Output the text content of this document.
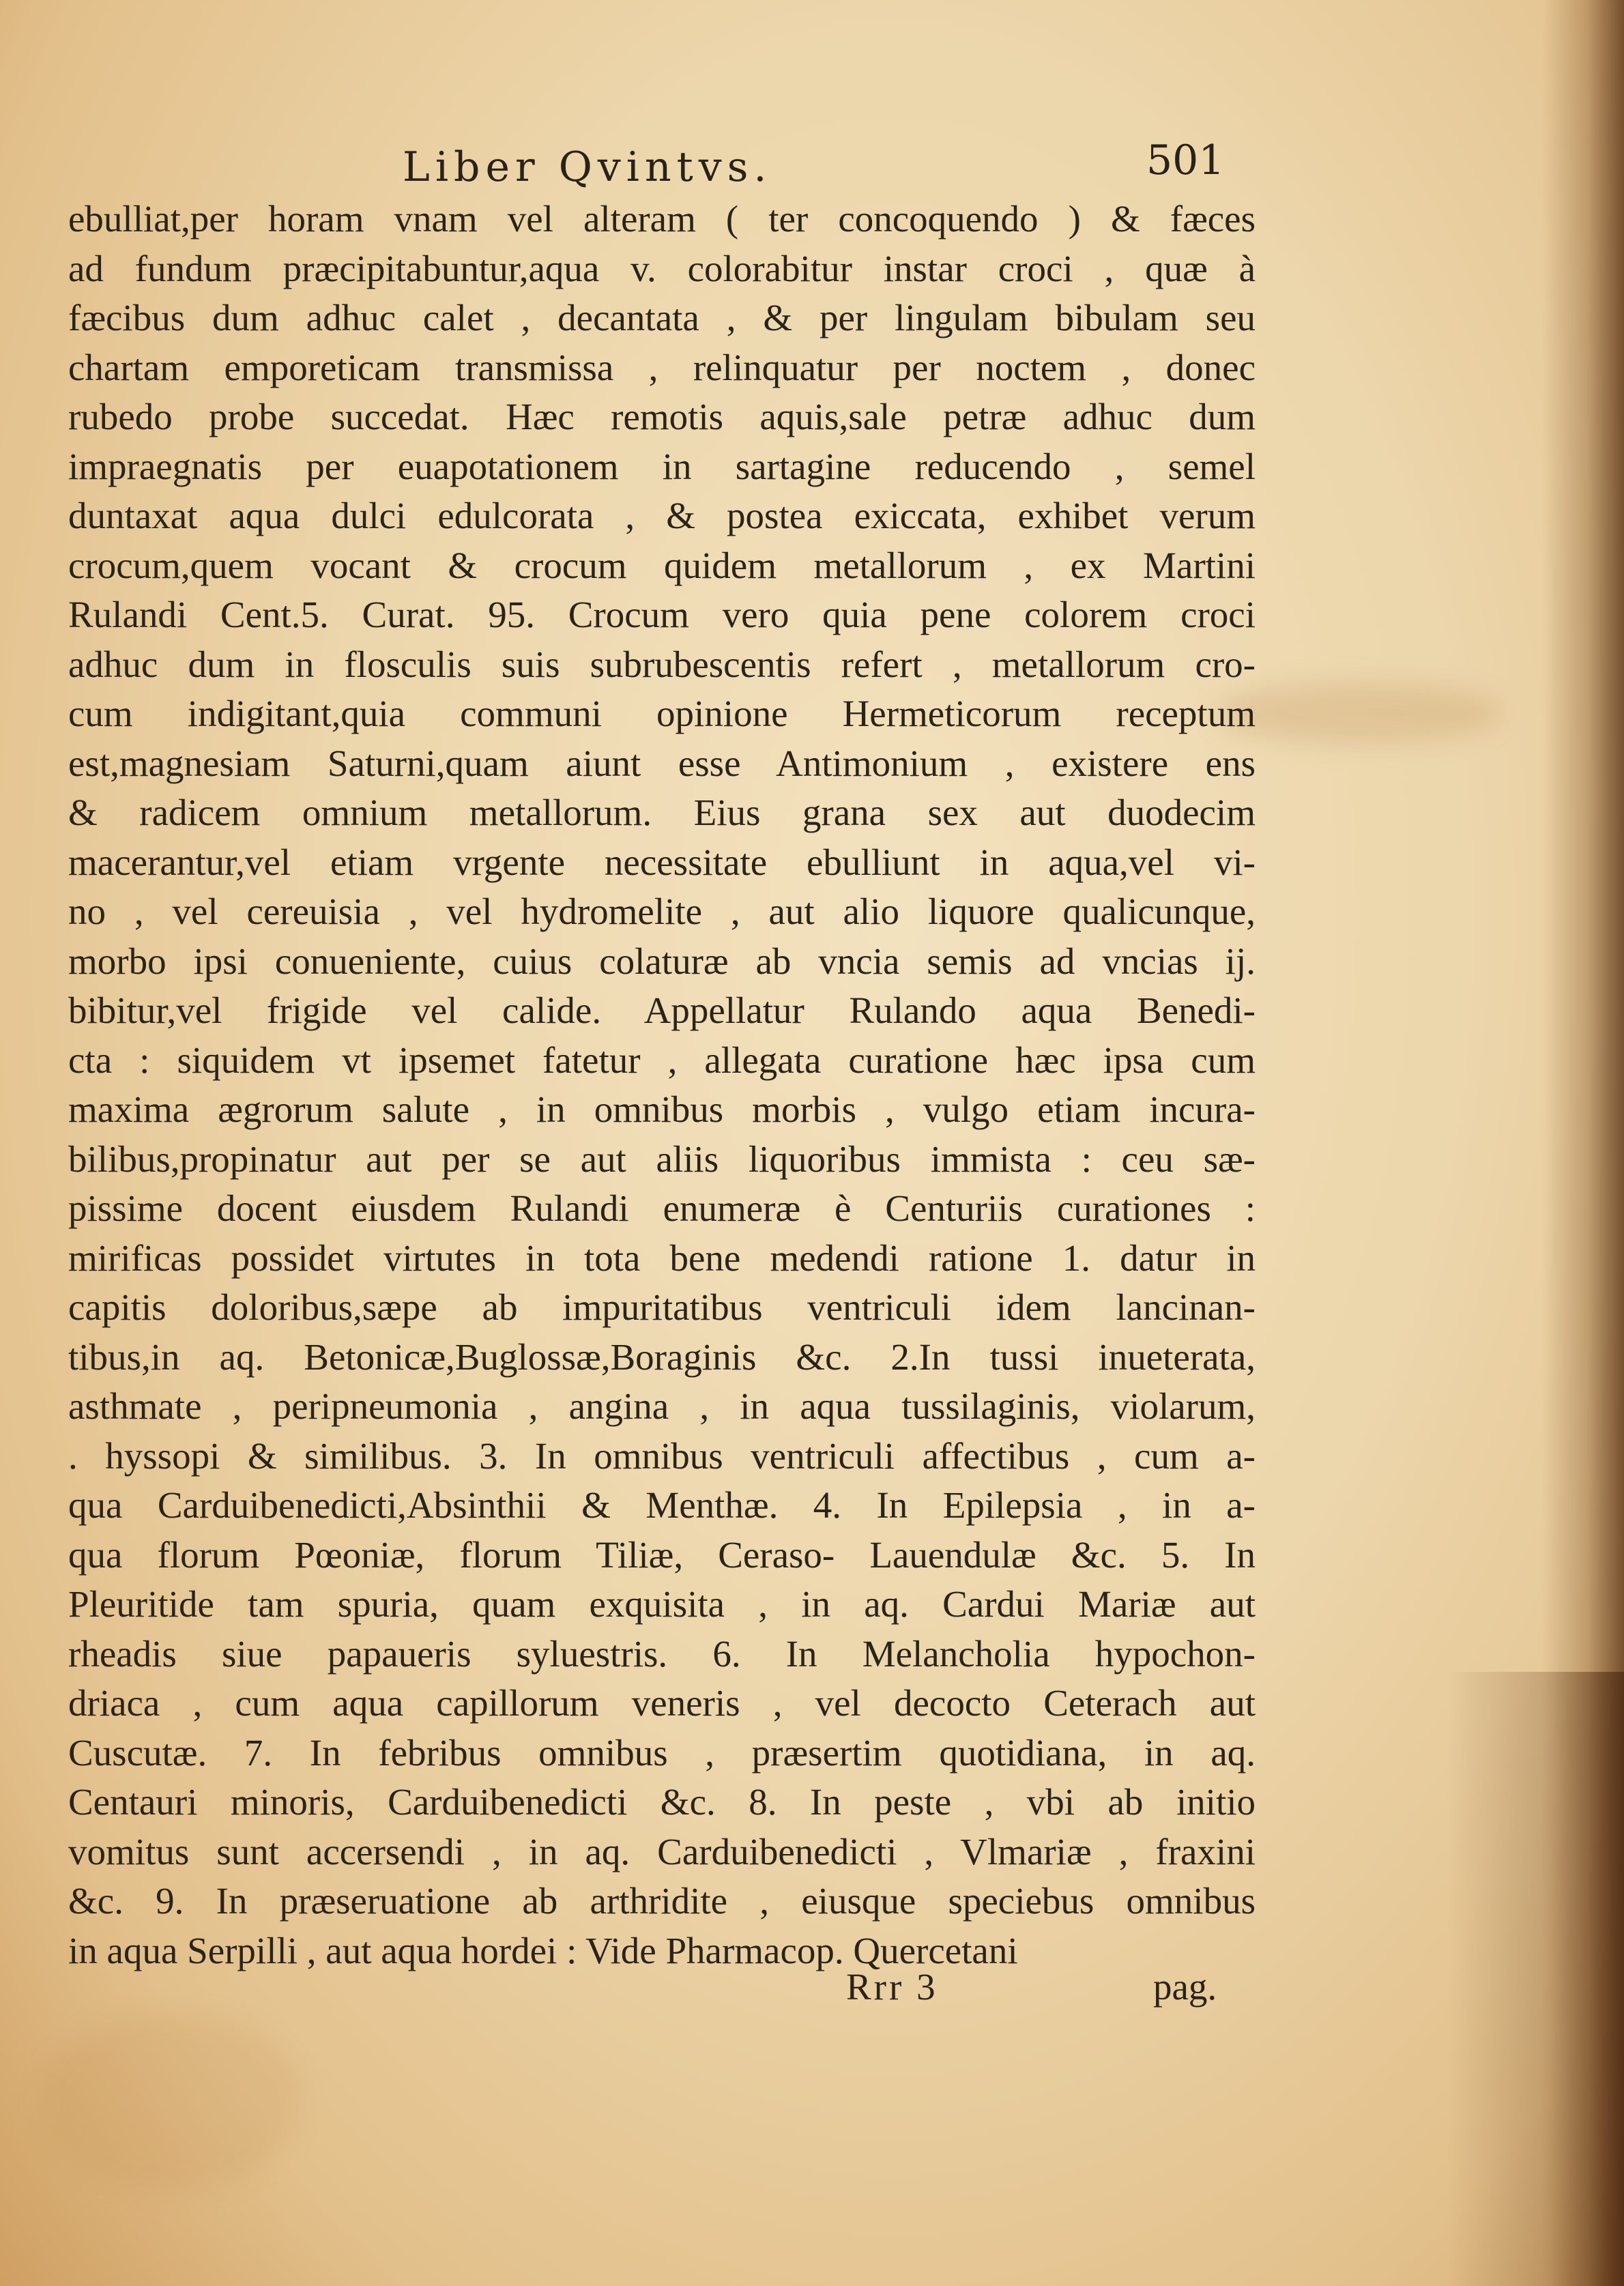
Liber Qvintvs.	501
ebulliat,per horam vnam vel alteram ( ter concoquendo ) & fæces
ad fundum præcipitabuntur,aqua v. colorabitur instar croci , quæ à
fæcibus dum adhuc calet , decantata , & per lingulam bibulam seu
chartam emporeticam transmissa , relinquatur per noctem , donec
rubedo probe succedat. Hæc remotis aquis,sale petræ adhuc dum
impraegnatis per euapotationem in sartagine reducendo , semel
duntaxat aqua dulci edulcorata , & postea exiccata, exhibet verum
crocum,quem vocant & crocum quidem metallorum , ex Martini
Rulandi Cent.5. Curat. 95. Crocum vero quia pene colorem croci
adhuc dum in flosculis suis subrubescentis refert , metallorum cro-
cum indigitant,quia communi opinione Hermeticorum receptum
est,magnesiam Saturni,quam aiunt esse Antimonium , existere ens
& radicem omnium metallorum. Eius grana sex aut duodecim
macerantur,vel etiam vrgente necessitate ebulliunt in aqua,vel vi-
no , vel cereuisia , vel hydromelite , aut alio liquore qualicunque,
morbo ipsi conueniente, cuius colaturæ ab vncia semis ad vncias ij.
bibitur,vel frigide vel calide. Appellatur Rulando aqua Benedi-
cta : siquidem vt ipsemet fatetur , allegata curatione hæc ipsa cum
maxima ægrorum salute , in omnibus morbis , vulgo etiam incura-
bilibus,propinatur aut per se aut aliis liquoribus immista : ceu sæ-
pissime docent eiusdem Rulandi enumeræ è Centuriis curationes :
mirificas possidet virtutes in tota bene medendi ratione 1. datur in
capitis doloribus,sæpe ab impuritatibus ventriculi idem lancinan-
tibus,in aq. Betonicæ,Buglossæ,Boraginis &c. 2.In tussi inueterata,
asthmate , peripneumonia , angina , in aqua tussilaginis, violarum,
. hyssopi & similibus. 3. In omnibus ventriculi affectibus , cum a-
qua Carduibenedicti,Absinthii & Menthæ. 4. In Epilepsia , in a-
qua florum Pœoniæ, florum Tiliæ, Ceraso- Lauendulæ &c. 5. In
Pleuritide tam spuria, quam exquisita , in aq. Cardui Mariæ aut
rheadis siue papaueris syluestris. 6. In Melancholia hypochon-
driaca , cum aqua capillorum veneris , vel decocto Ceterach aut
Cuscutæ. 7. In febribus omnibus , præsertim quotidiana, in aq.
Centauri minoris, Carduibenedicti &c. 8. In peste , vbi ab initio
vomitus sunt accersendi , in aq. Carduibenedicti , Vlmariæ , fraxini
&c. 9. In præseruatione ab arthridite , eiusque speciebus omnibus
in aqua Serpilli , aut aqua hordei : Vide Pharmacop. Quercetani
Rrr 3	pag.
